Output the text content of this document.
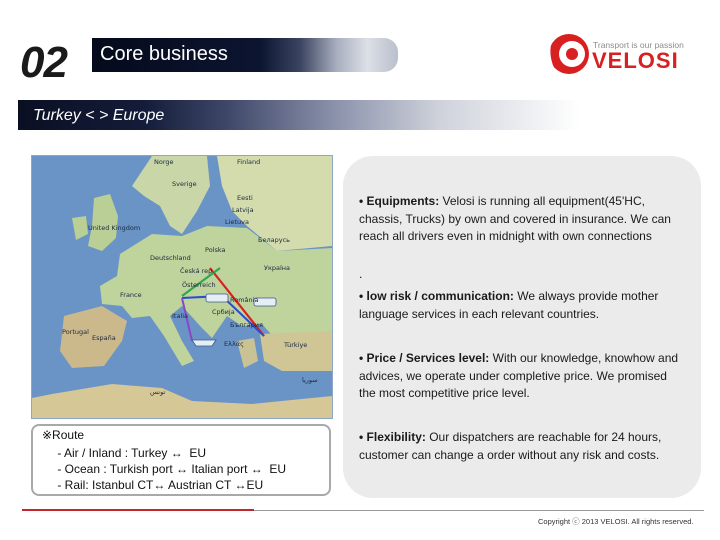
02 Core business	Transport is our passion
VELOSI
Turkey < > Europe
Norge	Finland
Sverige
Eesti
Latvija
Lietuva
United Kingdom
Беларусь
Polska
Deutschland
Česká rep.	Україна
France
Österreich
România
Italia	Србија
България
Portugal
España
Ελλάς	Türkiye
تونس
سوريا
※Route
- Air / Inland : Turkey ↔  EU
- Ocean : Turkish port ↔ Italian port ↔  EU
- Rail: Istanbul CT↔ Austrian CT ↔EU
• Equipments: Velosi is running all equipment(45'HC, chassis, Trucks) by own and covered in insurance. We can reach all drivers even in midnight with own connections
.
• low risk / communication: We always provide mother language services in each relevant countries.
• Price / Services level: With our knowledge, knowhow and advices, we operate under completive price. We promised the most competitive price level.
• Flexibility: Our dispatchers are reachable for 24 hours, customer can change a order without any risk and costs.
Copyright ⓒ 2013 VELOSI. All rights reserved.
